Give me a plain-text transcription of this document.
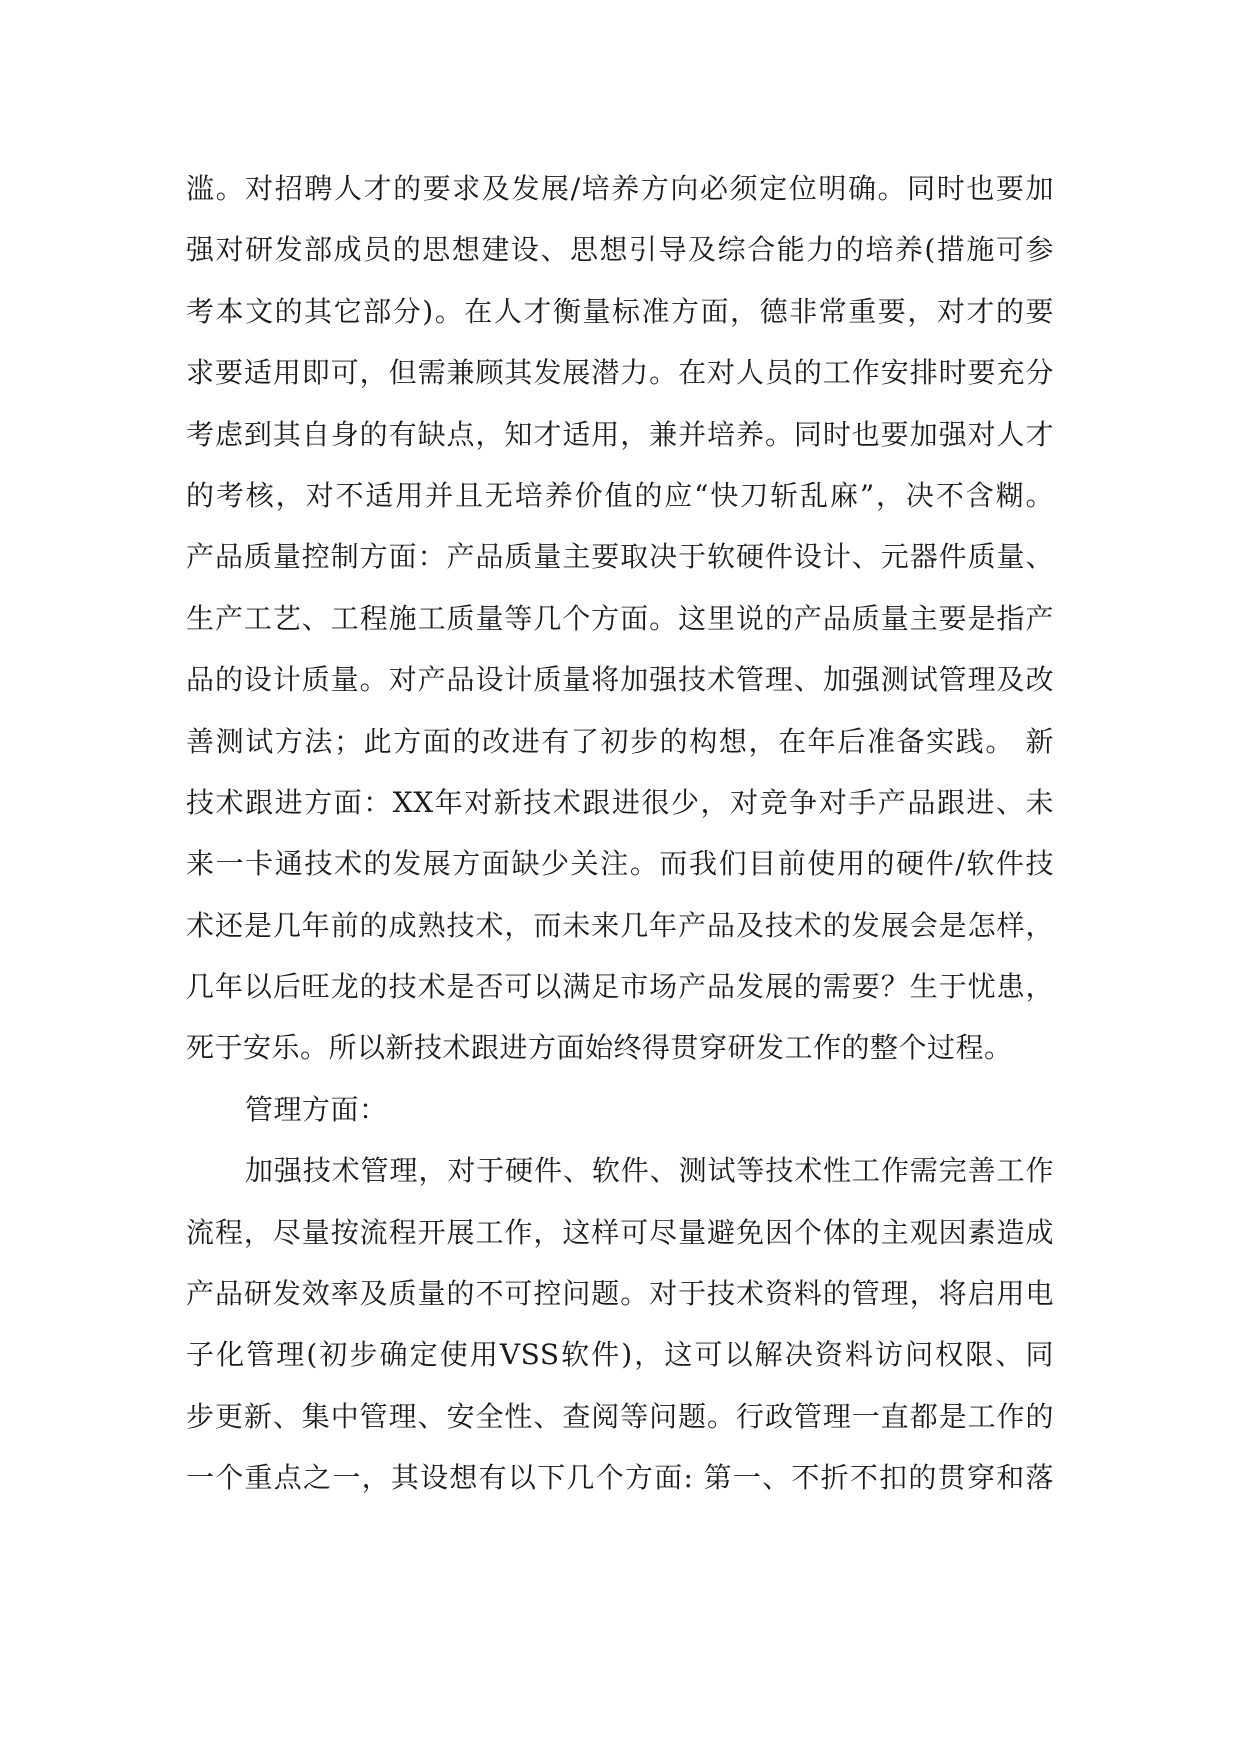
滥。对招聘人才的要求及发展/培养方向必须定位明确。同时也要加
强对研发部成员的思想建设、思想引导及综合能力的培养(措施可参
考本文的其它部分)。在人才衡量标准方面，德非常重要，对才的要
求要适用即可，但需兼顾其发展潜力。在对人员的工作安排时要充分
考虑到其自身的有缺点，知才适用，兼并培养。同时也要加强对人才
的考核，对不适用并且无培养价值的应“快刀斩乱麻”，决不含糊。
产品质量控制方面：产品质量主要取决于软硬件设计、元器件质量、
生产工艺、工程施工质量等几个方面。这里说的产品质量主要是指产
品的设计质量。对产品设计质量将加强技术管理、加强测试管理及改
善测试方法；此方面的改进有了初步的构想，在年后准备实践。 新
技术跟进方面：XX年对新技术跟进很少，对竞争对手产品跟进、未
来一卡通技术的发展方面缺少关注。而我们目前使用的硬件/软件技
术还是几年前的成熟技术，而未来几年产品及技术的发展会是怎样，
几年以后旺龙的技术是否可以满足市场产品发展的需要？生于忧患，
死于安乐。所以新技术跟进方面始终得贯穿研发工作的整个过程。
管理方面：
加强技术管理，对于硬件、软件、测试等技术性工作需完善工作
流程，尽量按流程开展工作，这样可尽量避免因个体的主观因素造成
产品研发效率及质量的不可控问题。对于技术资料的管理，将启用电
子化管理(初步确定使用VSS软件)，这可以解决资料访问权限、同
步更新、集中管理、安全性、查阅等问题。行政管理一直都是工作的
一个重点之一，其设想有以下几个方面: 第一、不折不扣的贯穿和落
